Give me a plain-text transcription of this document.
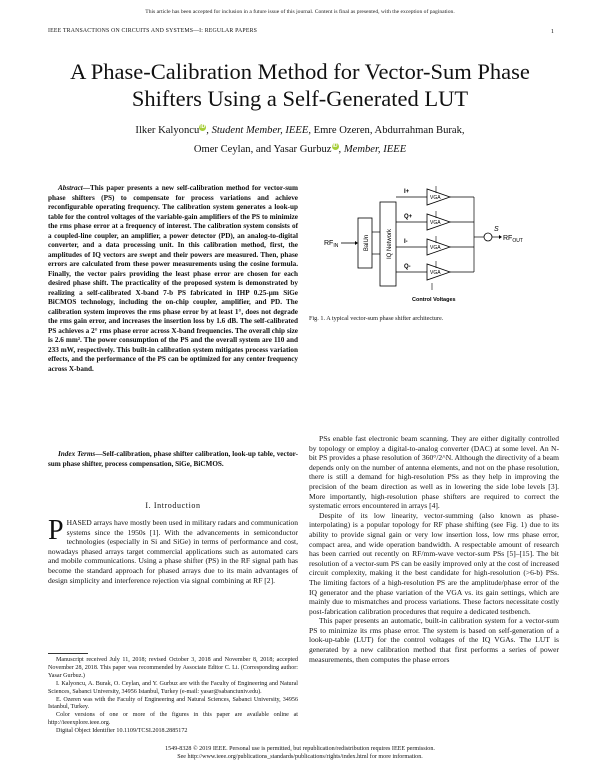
This article has been accepted for inclusion in a future issue of this journal. Content is final as presented, with the exception of pagination.
IEEE TRANSACTIONS ON CIRCUITS AND SYSTEMS—I: REGULAR PAPERS	1
A Phase-Calibration Method for Vector-Sum Phase
Shifters Using a Self-Generated LUT
Ilker KalyoncuiD, Student Member, IEEE, Emre Ozeren, Abdurrahman Burak,
Omer Ceylan, and Yasar GurbuziD, Member, IEEE
Abstract—This paper presents a new self-calibration method for vector-sum phase shifters (PS) to compensate for process variations and achieve reconfigurable operating frequency. The calibration system generates a look-up table for the control voltages of the variable-gain amplifiers of the PS to minimize the rms phase error at a frequency of interest. The calibration system consists of a coupled-line coupler, an amplifier, a power detector (PD), an analog-to-digital converter, and a data processing unit. In this calibration method, first, the amplitudes of IQ vectors are swept and their powers are measured. Then, phase errors are calculated from these power measurements using the cosine formula. Finally, the vector pairs providing the least phase error are chosen for each desired phase shift. The practicality of the proposed system is demonstrated by realizing a self-calibrated X-band 7-b PS fabricated in IHP 0.25-μm SiGe BiCMOS technology, including the on-chip coupler, amplifier, and PD. The calibration system improves the rms phase error by at least 1°, does not degrade the rms gain error, and increases the insertion loss by 1.6 dB. The self-calibrated PS achieves a 2° rms phase error across X-band frequencies. The overall chip size is 2.6 mm². The power consumption of the PS and the overall system are 110 and 233 mW, respectively. This built-in calibration system mitigates process variation effects, and the performance of the PS can be optimized for any center frequency across X-band.
Index Terms—Self-calibration, phase shifter calibration, look-up table, vector-sum phase shifter, process compensation, SiGe, BiCMOS.
I. Introduction
PHASED arrays have mostly been used in military radars and communication systems since the 1950s [1]. With the advancements in semiconductor technologies (especially in Si and SiGe) in terms of performance and cost, nowadays phased arrays target commercial applications such as automated cars and mobile communications. Using a phase shifter (PS) in the RF signal path has become the standard approach for phased arrays due to its main advantages of design simplicity and interference rejection via signal combining at RF [2].

Manuscript received July 11, 2018; revised October 3, 2018 and November 8, 2018; accepted November 28, 2018. This paper was recommended by Associate Editor C. Li. (Corresponding author: Yasar Gurbuz.)

I. Kalyoncu, A. Burak, O. Ceylan, and Y. Gurbuz are with the Faculty of Engineering and Natural Sciences, Sabanci University, 34956 Istanbul, Turkey (e-mail: yasar@sabanciuniv.edu).

E. Ozeren was with the Faculty of Engineering and Natural Sciences, Sabanci University, 34956 Istanbul, Turkey.

Color versions of one or more of the figures in this paper are available online at http://ieeexplore.ieee.org.

Digital Object Identifier 10.1109/TCSI.2018.2885172

$RF_{IN}$	BalUn	IQ Network
I+
VGA
Q+
VGA
I-
VGA
Q-
VGA
S
$RF_{OUT}$
Control Voltages
Fig. 1. A typical vector-sum phase shifter architecture.

PSs enable fast electronic beam scanning. They are either digitally controlled by topology or employ a digital-to-analog converter (DAC) at some level. An N-bit PS provides a phase resolution of 360°/2^N. Although the directivity of a beam depends only on the number of antenna elements, and not on the phase resolution, there is still a demand for high-resolution PSs as they help in improving the precision of the beam direction as well as in lowering the side lobe levels [3]. More importantly, high-resolution phase shifters are required to correct the systematic errors encountered in arrays [4].

Despite of its low linearity, vector-summing (also known as phase-interpolating) is a popular topology for RF phase shifting (see Fig. 1) due to its ability to provide signal gain or very low insertion loss, low rms phase error, compact area, and wide operation bandwidth. A respectable amount of research has been carried out recently on RF/mm-wave vector-sum PSs [5]–[15]. The bit resolution of a vector-sum PS can be easily improved only at the cost of increased circuit complexity, making it the best candidate for high-resolution (>6-b) PSs. The limiting factors of a high-resolution PS are the amplitude/phase error of the IQ generator and the phase variation of the VGA vs. its gain settings, which are mainly due to mismatches and process variations. These factors necessitate costly post-fabrication calibration procedures that require a dedicated testbench.

This paper presents an automatic, built-in calibration system for a vector-sum PS to minimize its rms phase error. The system is based on self-generation of a look-up-table (LUT) for the control voltages of the IQ VGAs. The LUT is generated by a new calibration method that first performs a series of power measurements, then computes the phase errors

1549-8328 © 2019 IEEE. Personal use is permitted, but republication/redistribution requires IEEE permission.
See http://www.ieee.org/publications_standards/publications/rights/index.html for more information.
